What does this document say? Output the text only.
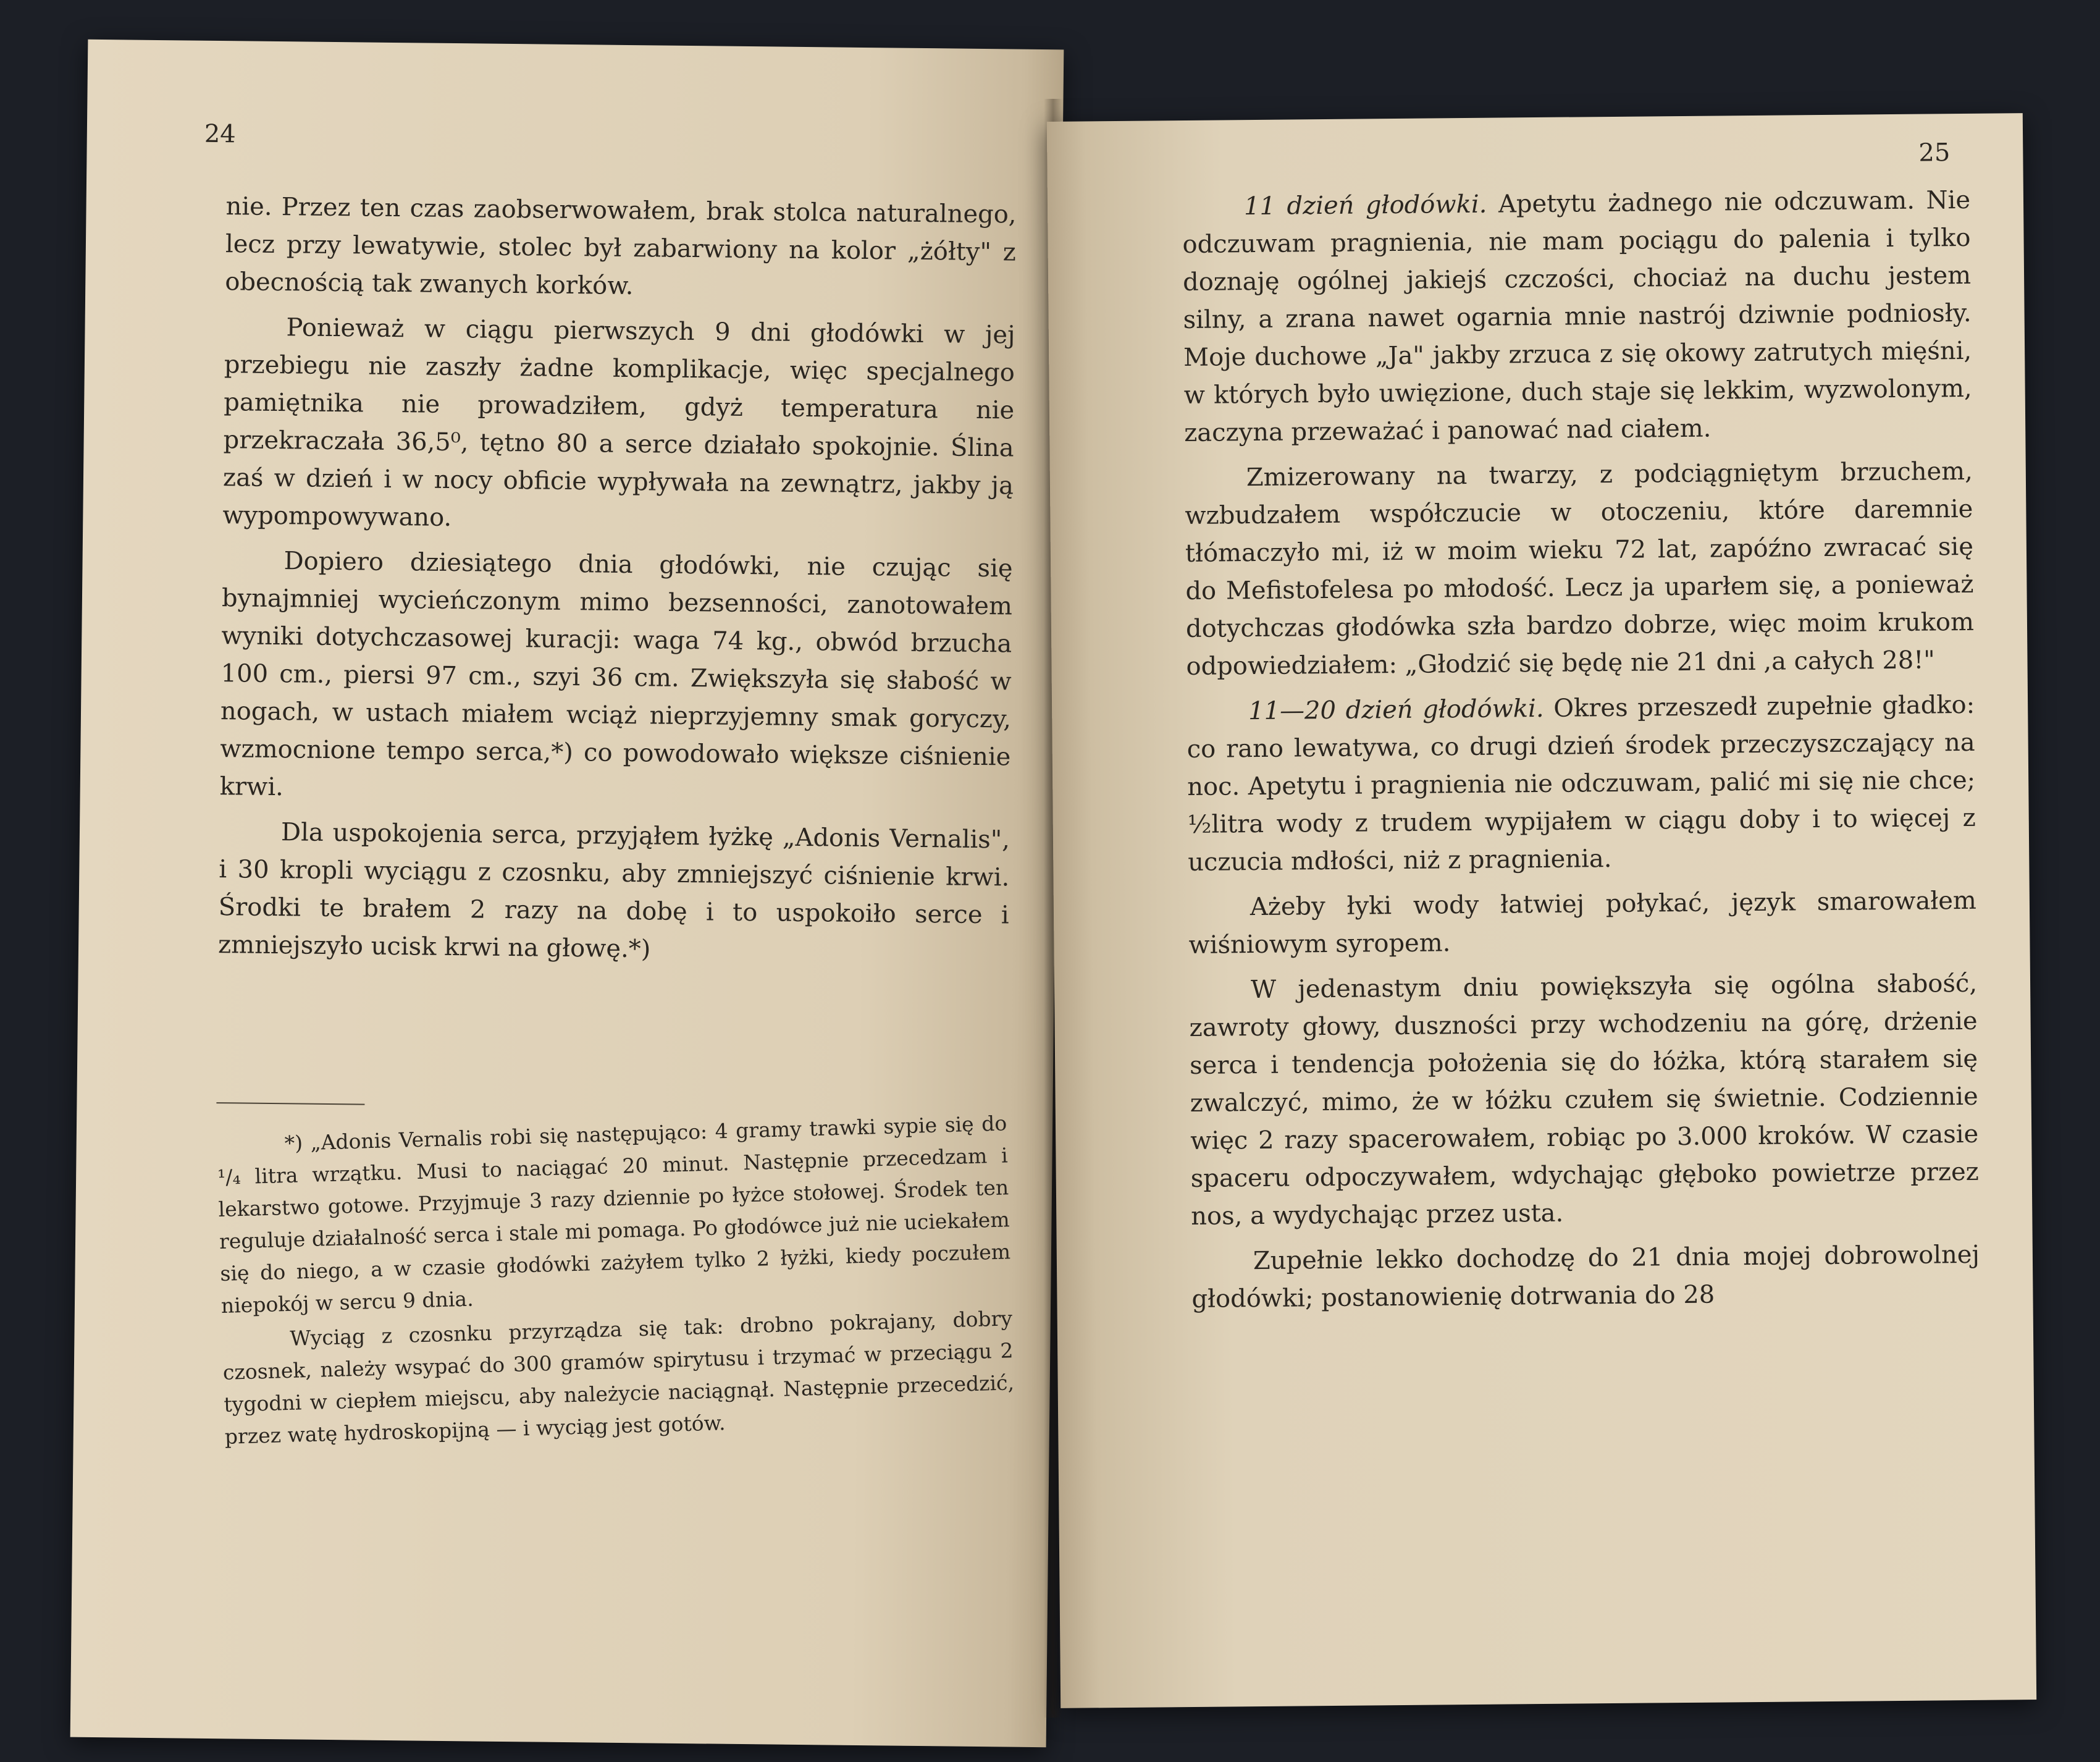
24

nie. Przez ten czas zaobserwowałem, brak stolca naturalnego, lecz przy lewatywie, stolec był zabarwiony na kolor „żółty" z obecnością tak zwanych korków.

Ponieważ w ciągu pierwszych 9 dni głodówki w jej przebiegu nie zaszły żadne komplikacje, więc specjalnego pamiętnika nie prowadziłem, gdyż temperatura nie przekraczała 36,5⁰, tętno 80 a serce działało spokojnie. Ślina zaś w dzień i w nocy obficie wypływała na zewnątrz, jakby ją wypompowywano.

Dopiero dziesiątego dnia głodówki, nie czując się bynajmniej wycieńczonym mimo bezsenności, zanotowałem wyniki dotychczasowej kuracji: waga 74 kg., obwód brzucha 100 cm., piersi 97 cm., szyi 36 cm. Zwiększyła się słabość w nogach, w ustach miałem wciąż nieprzyjemny smak goryczy, wzmocnione tempo serca,*) co powodowało większe ciśnienie krwi.

Dla uspokojenia serca, przyjąłem łyżkę „Adonis Vernalis", i 30 kropli wyciągu z czosnku, aby zmniejszyć ciśnienie krwi. Środki te brałem 2 razy na dobę i to uspokoiło serce i zmniejszyło ucisk krwi na głowę.*)

*) „Adonis Vernalis robi się następująco: 4 gramy trawki sypie się do ¹/₄ litra wrzątku. Musi to naciągać 20 minut. Następnie przecedzam i lekarstwo gotowe. Przyjmuje 3 razy dziennie po łyżce stołowej. Środek ten reguluje działalność serca i stale mi pomaga. Po głodówce już nie uciekałem się do niego, a w czasie głodówki zażyłem tylko 2 łyżki, kiedy poczułem niepokój w sercu 9 dnia.

Wyciąg z czosnku przyrządza się tak: drobno pokrajany, dobry czosnek, należy wsypać do 300 gramów spirytusu i trzymać w przeciągu 2 tygodni w ciepłem miejscu, aby należycie naciągnął. Następnie przecedzić, przez watę hydroskopijną — i wyciąg jest gotów.

25

11 dzień głodówki. Apetytu żadnego nie odczuwam. Nie odczuwam pragnienia, nie mam pociągu do palenia i tylko doznaję ogólnej jakiejś czczości, chociaż na duchu jestem silny, a zrana nawet ogarnia mnie nastrój dziwnie podniosły. Moje duchowe „Ja" jakby zrzuca z się okowy zatrutych mięśni, w których było uwięzione, duch staje się lekkim, wyzwolonym, zaczyna przeważać i panować nad ciałem.

Zmizerowany na twarzy, z podciągniętym brzuchem, wzbudzałem współczucie w otoczeniu, które daremnie tłómaczyło mi, iż w moim wieku 72 lat, zapóźno zwracać się do Mefistofelesa po młodość. Lecz ja uparłem się, a ponieważ dotychczas głodówka szła bardzo dobrze, więc moim krukom odpowiedziałem: „Głodzić się będę nie 21 dni ,a całych 28!"

11—20 dzień głodówki. Okres przeszedł zupełnie gładko: co rano lewatywa, co drugi dzień środek przeczyszczający na noc. Apetytu i pragnienia nie odczuwam, palić mi się nie chce; ½litra wody z trudem wypijałem w ciągu doby i to więcej z uczucia mdłości, niż z pragnienia.

Ażeby łyki wody łatwiej połykać, język smarowałem wiśniowym syropem.

W jedenastym dniu powiększyła się ogólna słabość, zawroty głowy, duszności przy wchodzeniu na górę, drżenie serca i tendencja położenia się do łóżka, którą starałem się zwalczyć, mimo, że w łóżku czułem się świetnie. Codziennie więc 2 razy spacerowałem, robiąc po 3.000 kroków. W czasie spaceru odpoczywałem, wdychając głęboko powietrze przez nos, a wydychając przez usta.

Zupełnie lekko dochodzę do 21 dnia mojej dobrowolnej głodówki; postanowienię dotrwania do 28
